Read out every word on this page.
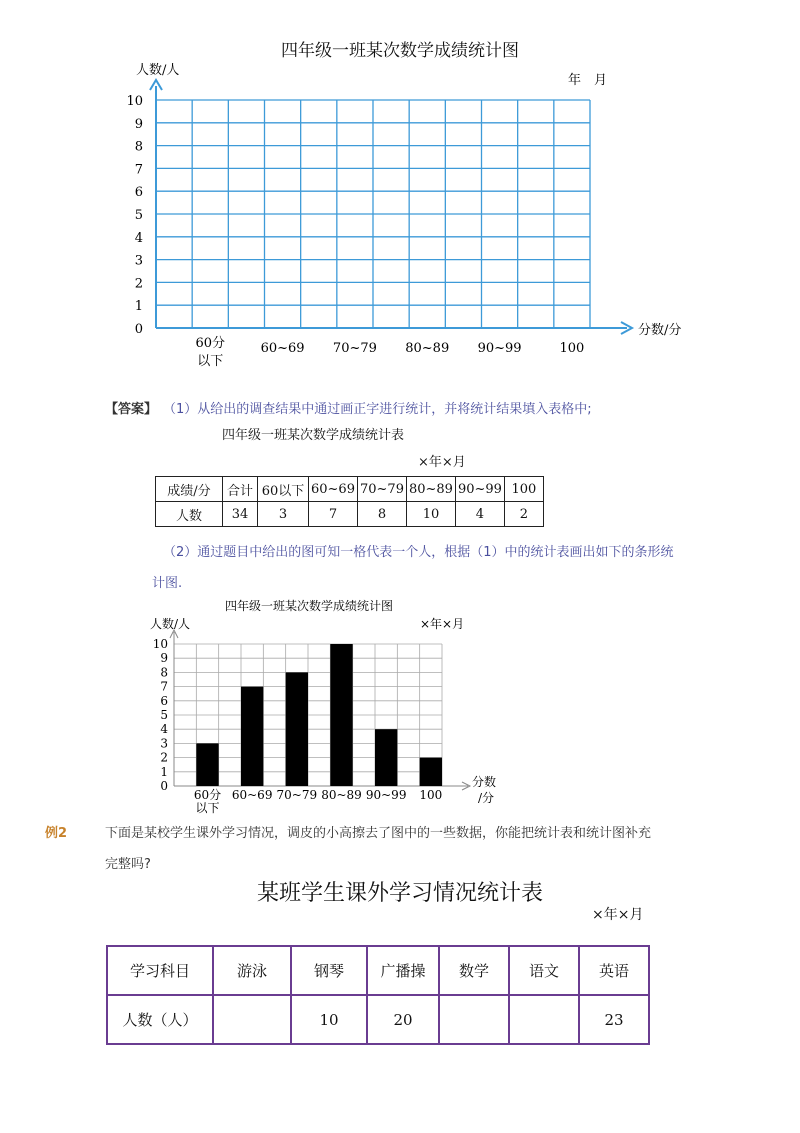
四年级一班某次数学成绩统计图
0
1
2
3
4
5
6
7
8
9
10
人数/人
分数/分
年　月
60分
以下
60~69 70~79 80~89 90~99	100
【答案】 （1）从给出的调查结果中通过画正字进行统计，并将统计结果填入表格中;
四年级一班某次数学成绩统计表
×年×月
成绩/分	合计	60以下	60~69	70~79	80~89	90~99	100
人数	34	3	7	8	10	4	2
（2）通过题目中给出的图可知一格代表一个人，根据（1）中的统计表画出如下的条形统
计图.
0
1
2
3
4
5
6
7
8
9
10
四年级一班某次数学成绩统计图
人数/人	×年×月
分数
/分
60分
以下
60~69 70~79 80~89 90~99 100
例2	下面是某校学生课外学习情况，调皮的小高擦去了图中的一些数据，你能把统计表和统计图补充
完整吗?
某班学生课外学习情况统计表
×年×月
学习科目	游泳	钢琴	广播操	数学	语文	英语
人数（人）		10	20			23
